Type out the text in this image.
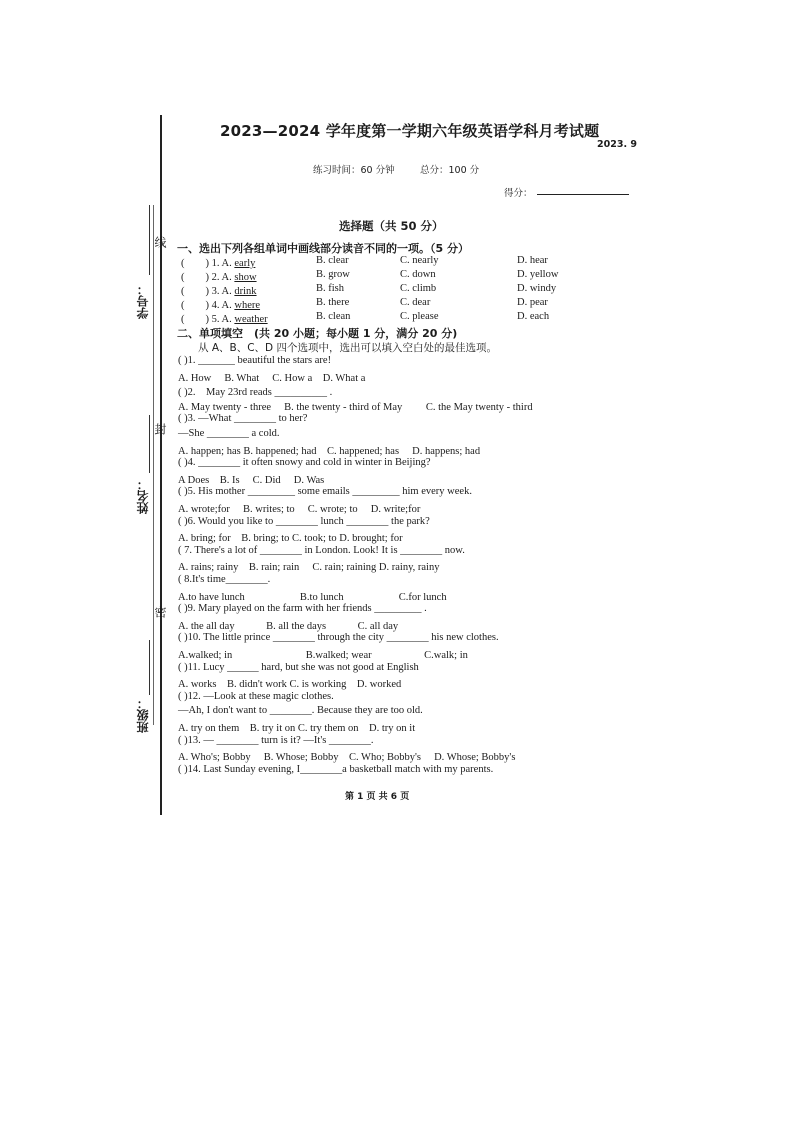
学号：
姓名：
班级：
线
封
密
2023—2024 学年度第一学期六年级英语学科月考试题
2023. 9
练习时间：60 分钟	总分：100 分
得分：
选择题（共 50 分）
一、选出下列各组单词中画线部分读音不同的一项。（5 分）
(　　) 1. A. early	B. clear	C. nearly	D. hear
(　　) 2. A. show	B. grow	C. down	D. yellow
(　　) 3. A. drink	B. fish	C. climb	D. windy
(　　) 4. A. where	B. there	C. dear	D. pear
(　　) 5. A. weather	B. clean	C. please	D. each
二、单项填空　(共 20 小题；每小题 1 分，满分 20 分)
从 A、B、C、D 四个选项中，选出可以填入空白处的最佳选项。
( )1. _______ beautiful the stars are!
A. How　 B. What　 C. How a　D. What a
( )2.　May 23rd reads __________ .
A. May twenty - three　 B. the twenty - third of May　　 C. the May twenty - third
( )3. —What ________ to her?
—She ________ a cold.
A. happen; has B. happened; had　C. happened; has　 D. happens; had
( )4. ________ it often snowy and cold in winter in Beijing?
A Does　B. Is　 C. Did　 D. Was
( )5. His mother _________ some emails _________ him every week.
A. wrote;for　 B. writes; to　 C. wrote; to　 D. write;for
( )6. Would you like to ________ lunch ________ the park?
A. bring; for　B. bring; to C. took; to D. brought; for
( 7. There's a lot of ________ in London. Look! It is ________ now.
A. rains; rainy　B. rain; rain　 C. rain; raining D. rainy, rainy
( 8.It's time________.
A.to have lunch　　　　　 B.to lunch　　　　　 C.for lunch
( )9. Mary played on the farm with her friends _________ .
A. the all day　　　B. all the days　　　C. all day
( )10. The little prince ________ through the city ________ his new clothes.
A.walked; in　　　　　　　B.walked; wear　　　　　C.walk; in
( )11. Lucy ______ hard, but she was not good at English
A. works　B. didn't work C. is working　D. worked
( )12. —Look at these magic clothes.
—Ah, I don't want to ________. Because they are too old.
A. try on them　B. try it on C. try them on　D. try on it
( )13. — ________ turn is it? —It's ________.
A. Who's; Bobby　 B. Whose; Bobby　C. Who; Bobby's　 D. Whose; Bobby's
( )14. Last Sunday evening, I________a basketball match with my parents.
第 1 页 共 6 页
